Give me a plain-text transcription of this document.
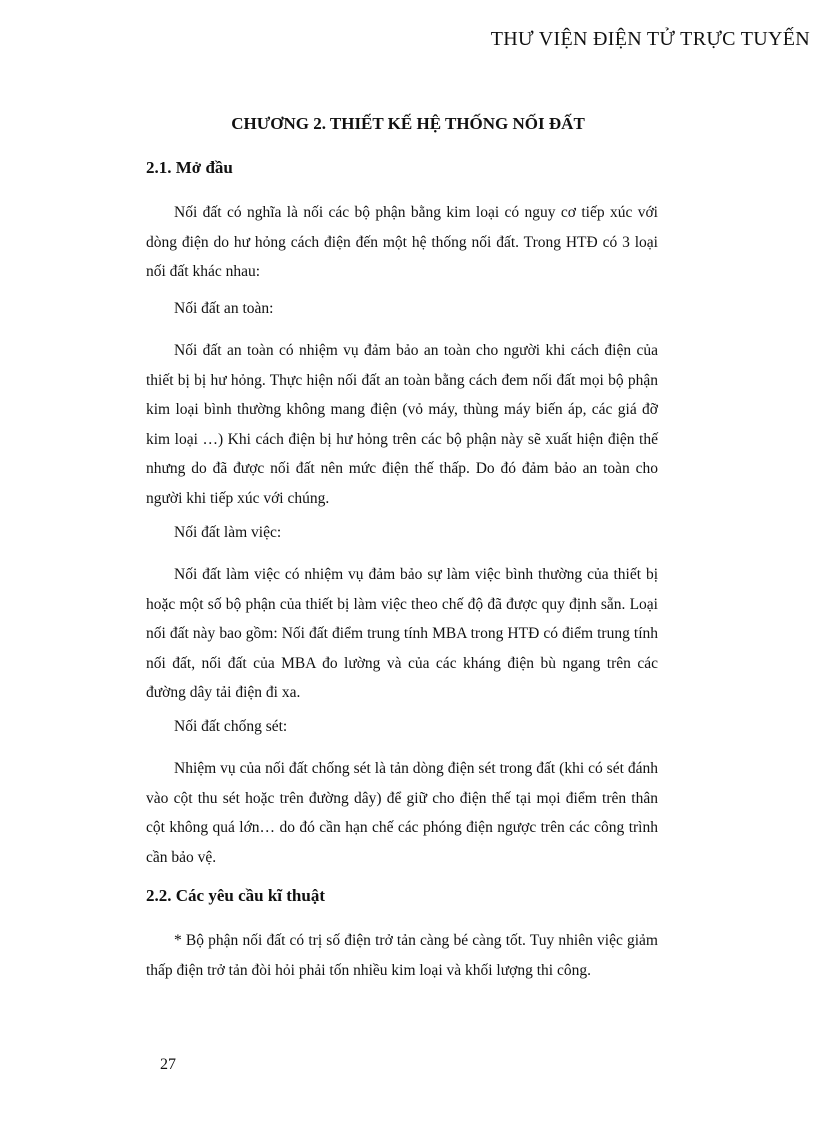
THƯ VIỆN ĐIỆN TỬ TRỰC TUYẾN
CHƯƠNG 2. THIẾT KẾ HỆ THỐNG NỐI ĐẤT
2.1. Mở đầu
Nối đất có nghĩa là nối các bộ phận bằng kim loại có nguy cơ tiếp xúc với dòng điện do hư hỏng cách điện đến một hệ thống nối đất. Trong HTĐ có 3 loại nối đất khác nhau:
Nối đất an toàn:
Nối đất an toàn có nhiệm vụ đảm bảo an toàn cho người khi cách điện của thiết bị bị hư hỏng. Thực hiện nối đất an toàn bằng cách đem nối đất mọi bộ phận kim loại bình thường không mang điện (vỏ máy, thùng máy biến áp, các giá đỡ kim loại …) Khi cách điện bị hư hỏng trên các bộ phận này sẽ xuất hiện điện thế nhưng do đã được nối đất nên mức điện thế thấp. Do đó đảm bảo an toàn cho người khi tiếp xúc với chúng.
Nối đất làm việc:
Nối đất làm việc có nhiệm vụ đảm bảo sự làm việc bình thường của thiết bị hoặc một số bộ phận của thiết bị làm việc theo chế độ đã được quy định sẵn. Loại nối đất này bao gồm: Nối đất điểm trung tính MBA trong HTĐ có điểm trung tính nối đất, nối đất của MBA đo lường và của các kháng điện bù ngang trên các đường dây tải điện đi xa.
Nối đất chống sét:
Nhiệm vụ của nối đất chống sét là tản dòng điện sét trong đất (khi có sét đánh vào cột thu sét hoặc trên đường dây) để giữ cho điện thế tại mọi điểm trên thân cột không quá lớn… do đó cần hạn chế các phóng điện ngược trên các công trình cần bảo vệ.
2.2. Các yêu cầu kĩ thuật
* Bộ phận nối đất có trị số điện trở tản càng bé càng tốt. Tuy nhiên việc giảm thấp điện trở tản đòi hỏi phải tốn nhiều kim loại và khối lượng thi công.
27
